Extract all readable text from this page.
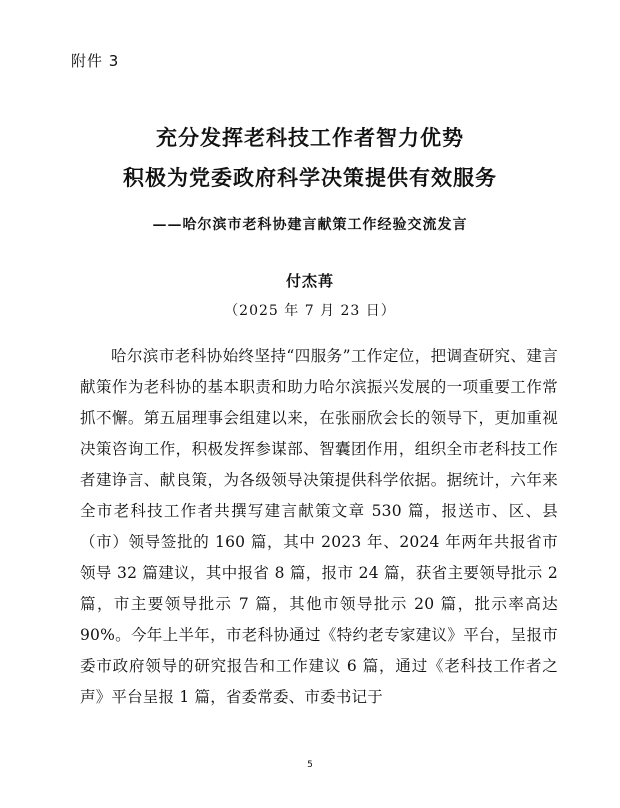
附件 3
充分发挥老科技工作者智力优势
积极为党委政府科学决策提供有效服务
——哈尔滨市老科协建言献策工作经验交流发言
付杰苒
（2025 年 7 月 23 日）

哈尔滨市老科协始终坚持“四服务”工作定位，把调查研究、建言献策作为老科协的基本职责和助力哈尔滨振兴发展的一项重要工作常抓不懈。第五届理事会组建以来，在张丽欣会长的领导下，更加重视决策咨询工作，积极发挥参谋部、智囊团作用，组织全市老科技工作者建诤言、献良策，为各级领导决策提供科学依据。据统计，六年来全市老科技工作者共撰写建言献策文章 530 篇，报送市、区、县（市）领导签批的 160 篇，其中 2023 年、2024 年两年共报省市领导 32 篇建议，其中报省 8 篇，报市 24 篇，获省主要领导批示 2 篇，市主要领导批示 7 篇，其他市领导批示 20 篇，批示率高达 90%。今年上半年，市老科协通过《特约老专家建议》平台，呈报市委市政府领导的研究报告和工作建议 6 篇，通过《老科技工作者之声》平台呈报 1 篇，省委常委、市委书记于

5
